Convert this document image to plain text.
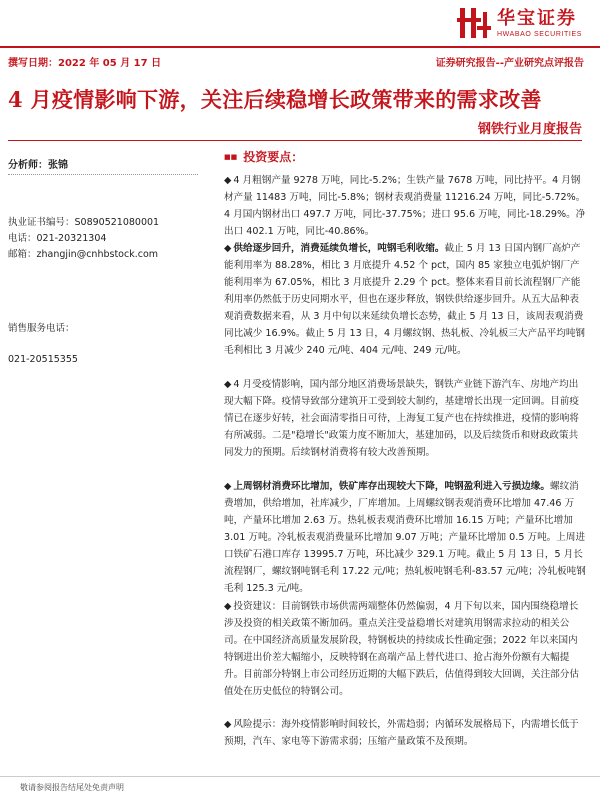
华宝证券
HWABAO SECURITIES
撰写日期：2022 年 05 月 17 日	证券研究报告--产业研究点评报告
4 月疫情影响下游，关注后续稳增长政策带来的需求改善
钢铁行业月度报告
分析师：张锦
执业证书编号：S0890521080001
电话：021-20321304
邮箱：zhangjin@cnhbstock.com
销售服务电话：
021-20515355
■■ 投资要点：
◆ 4 月粗钢产量 9278 万吨，同比-5.2%；生铁产量 7678 万吨，同比持平。4 月钢材产量 11483 万吨，同比-5.8%；钢材表观消费量 11216.24 万吨，同比-5.72%。4 月国内钢材出口 497.7 万吨，同比-37.75%；进口 95.6 万吨，同比-18.29%。净出口 402.1 万吨，同比-40.86%。
◆ 供给逐步回升，消费延续负增长，吨钢毛利收缩。截止 5 月 13 日国内钢厂高炉产能利用率为 88.28%，相比 3 月底提升 4.52 个 pct，国内 85 家独立电弧炉钢厂产能利用率为 67.05%，相比 3 月底提升 2.29 个 pct。整体来看目前长流程钢厂产能利用率仍然低于历史同期水平，但也在逐步释放，钢铁供给逐步回升。从五大品种表观消费数据来看，从 3 月中旬以来延续负增长态势，截止 5 月 13 日，该周表观消费同比减少 16.9%。截止 5 月 13 日，4 月螺纹钢、热轧板、冷轧板三大产品平均吨钢毛利相比 3 月减少 240 元/吨、404 元/吨、249 元/吨。
◆ 4 月受疫情影响，国内部分地区消费场景缺失，钢铁产业链下游汽车、房地产均出现大幅下降。疫情导致部分建筑开工受到较大制约，基建增长出现一定回调。目前疫情已在逐步好转，社会面清零指日可待，上海复工复产也在持续推进，疫情的影响将有所减弱。二是"稳增长"政策力度不断加大，基建加码，以及后续货币和财政政策共同发力的预期。后续钢材消费将有较大改善预期。
◆ 上周钢材消费环比增加，铁矿库存出现较大下降，吨钢盈利进入亏损边缘。螺纹消费增加，供给增加，社库减少，厂库增加。上周螺纹钢表观消费环比增加 47.46 万吨，产量环比增加 2.63 万。热轧板表观消费环比增加 16.15 万吨；产量环比增加 3.01 万吨。冷轧板表观消费量环比增加 9.07 万吨；产量环比增加 0.5 万吨。上周进口铁矿石港口库存 13995.7 万吨，环比减少 329.1 万吨。截止 5 月 13 日，5 月长流程钢厂，螺纹钢吨钢毛利 17.22 元/吨；热轧板吨钢毛利-83.57 元/吨；冷轧板吨钢毛利 125.3 元/吨。
◆ 投资建议：目前钢铁市场供需两端整体仍然偏弱，4 月下旬以来，国内围绕稳增长涉及投资的相关政策不断加码。重点关注受益稳增长对建筑用钢需求拉动的相关公司。在中国经济高质量发展阶段，特钢板块的持续成长性确定强；2022 年以来国内特钢进出价差大幅缩小，反映特钢在高端产品上替代进口、抢占海外份额有大幅提升。目前部分特钢上市公司经历近期的大幅下跌后，估值得到较大回调，关注部分估值处在历史低位的特钢公司。
◆ 风险提示：海外疫情影响时间较长，外需趋弱；内循环发展格局下，内需增长低于预期，汽车、家电等下游需求弱；压缩产量政策不及预期。
敬请参阅报告结尾处免责声明
